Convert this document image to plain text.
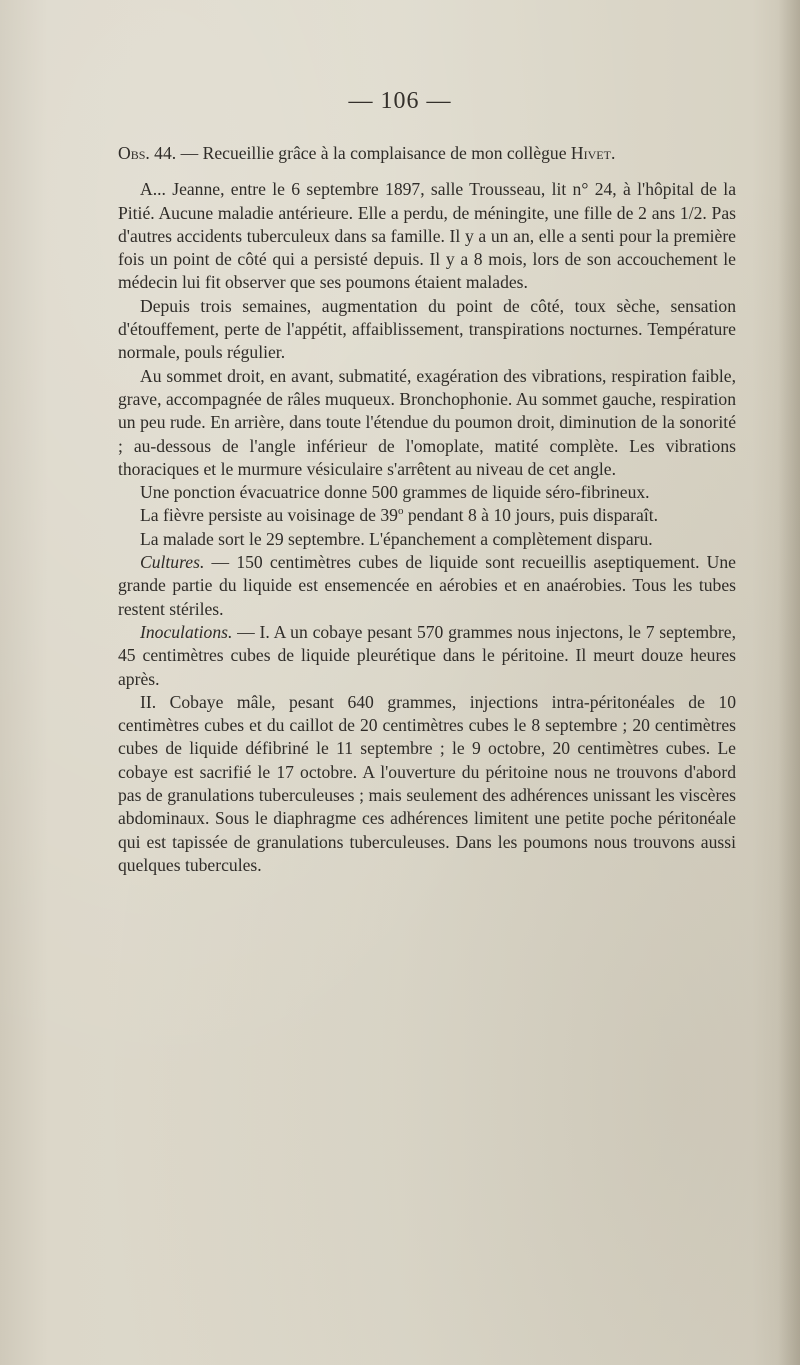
— 106 —

Obs. 44. — Recueillie grâce à la complaisance de mon collègue Hivet.

A... Jeanne, entre le 6 septembre 1897, salle Trousseau, lit n° 24, à l'hôpital de la Pitié. Aucune maladie antérieure. Elle a perdu, de méningite, une fille de 2 ans 1/2. Pas d'autres accidents tuberculeux dans sa famille. Il y a un an, elle a senti pour la première fois un point de côté qui a persisté depuis. Il y a 8 mois, lors de son accouchement le médecin lui fit observer que ses poumons étaient malades.

Depuis trois semaines, augmentation du point de côté, toux sèche, sensation d'étouffement, perte de l'appétit, affaiblissement, transpirations nocturnes. Température normale, pouls régulier.

Au sommet droit, en avant, submatité, exagération des vibrations, respiration faible, grave, accompagnée de râles muqueux. Bronchophonie. Au sommet gauche, respiration un peu rude. En arrière, dans toute l'étendue du poumon droit, diminution de la sonorité ; au-dessous de l'angle inférieur de l'omoplate, matité complète. Les vibrations thoraciques et le murmure vésiculaire s'arrêtent au niveau de cet angle.

Une ponction évacuatrice donne 500 grammes de liquide séro-fibrineux.

La fièvre persiste au voisinage de 39$^o$ pendant 8 à 10 jours, puis disparaît.

La malade sort le 29 septembre. L'épanchement a complètement disparu.

Cultures. — 150 centimètres cubes de liquide sont recueillis aseptiquement. Une grande partie du liquide est ensemencée en aérobies et en anaérobies. Tous les tubes restent stériles.

Inoculations. — I. A un cobaye pesant 570 grammes nous injectons, le 7 septembre, 45 centimètres cubes de liquide pleurétique dans le péritoine. Il meurt douze heures après.

II. Cobaye mâle, pesant 640 grammes, injections intra-péritonéales de 10 centimètres cubes et du caillot de 20 centimètres cubes le 8 septembre ; 20 centimètres cubes de liquide défibriné le 11 septembre ; le 9 octobre, 20 centimètres cubes. Le cobaye est sacrifié le 17 octobre. A l'ouverture du péritoine nous ne trouvons d'abord pas de granulations tuberculeuses ; mais seulement des adhérences unissant les viscères abdominaux. Sous le diaphragme ces adhérences limitent une petite poche péritonéale qui est tapissée de granulations tuberculeuses. Dans les poumons nous trouvons aussi quelques tubercules.
